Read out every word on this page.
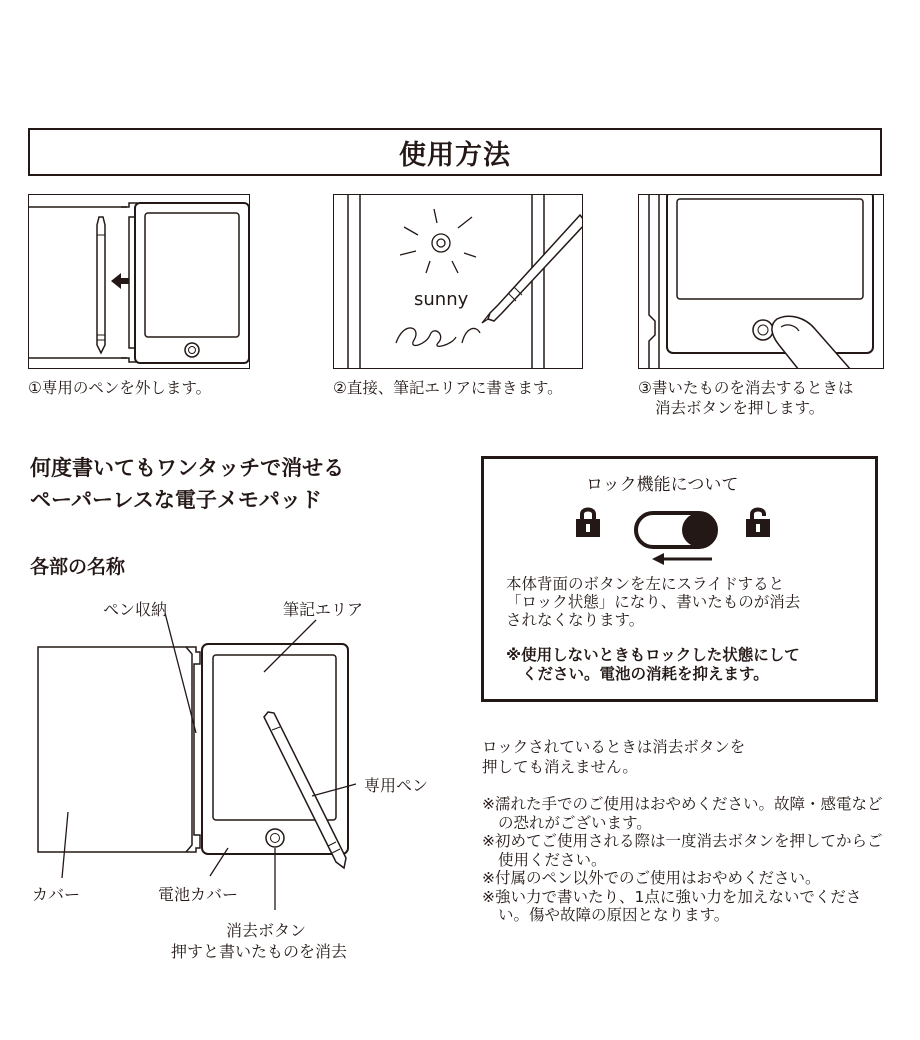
使用方法
①専用のペンを外します。
sunny
②直接、筆記エリアに書きます。	③書いたものを消去するときは
消去ボタンを押します。
何度書いてもワンタッチで消せる
ペーパーレスな電子メモパッド
各部の名称
ペン収納	筆記エリア
専用ペン
カバー	電池カバー
消去ボタン
押すと書いたものを消去
ロック機能について
本体背面のボタンを左にスライドすると
「ロック状態」になり、書いたものが消去
されなくなります。
※使用しないときもロックした状態にして
ください。電池の消耗を抑えます。
ロックされているときは消去ボタンを
押しても消えません。

※濡れた手でのご使用はおやめください。故障・感電などの恐れがございます。

※初めてご使用される際は一度消去ボタンを押してからご使用ください。

※付属のペン以外でのご使用はおやめください。

※強い力で書いたり、1点に強い力を加えないでください。傷や故障の原因となります。
